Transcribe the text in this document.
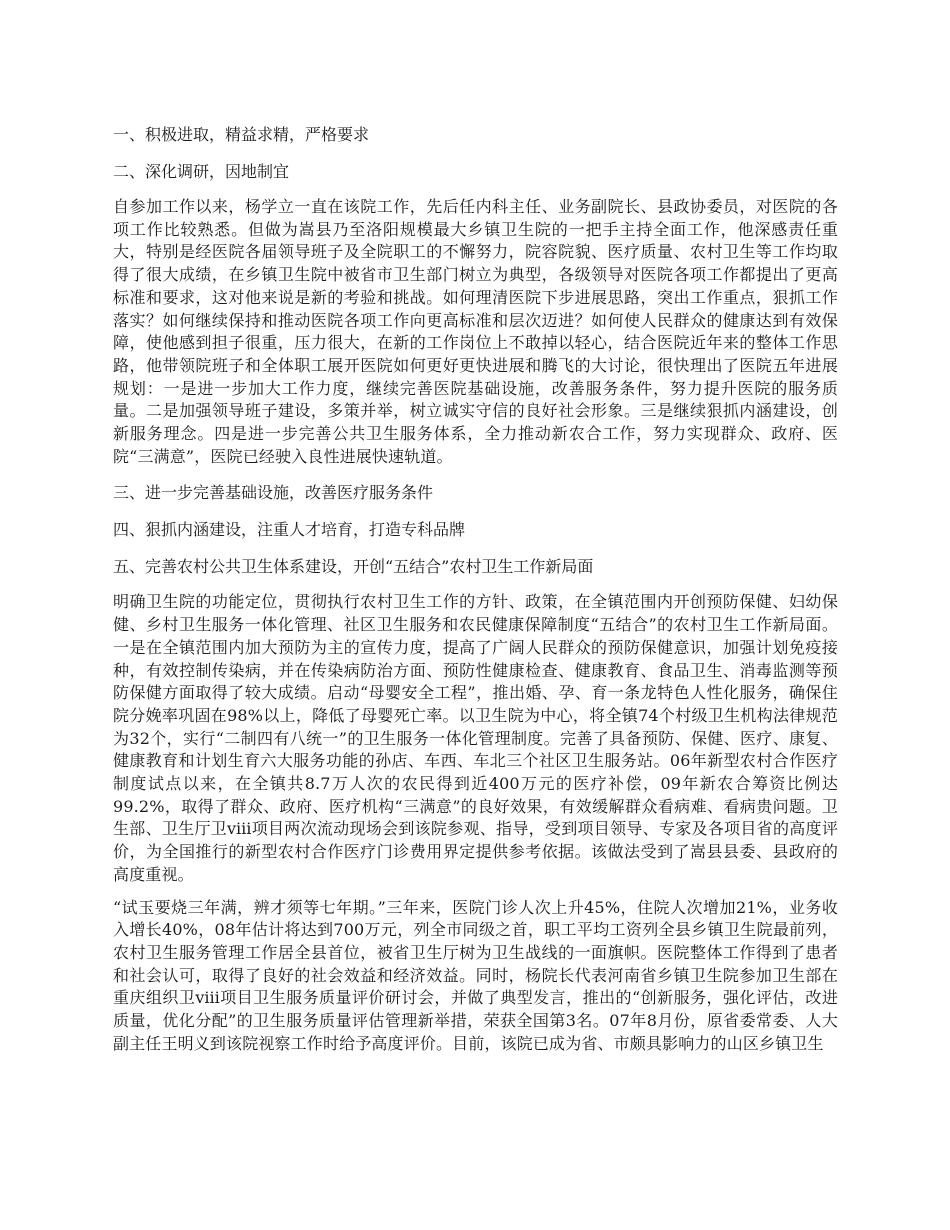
一、积极进取，精益求精，严格要求
二、深化调研，因地制宜

自参加工作以来，杨学立一直在该院工作，先后任内科主任、业务副院长、县政协委员，对医院的各项工作比较熟悉。但做为嵩县乃至洛阳规模最大乡镇卫生院的一把手主持全面工作，他深感责任重大，特别是经医院各届领导班子及全院职工的不懈努力，院容院貌、医疗质量、农村卫生等工作均取得了很大成绩，在乡镇卫生院中被省市卫生部门树立为典型，各级领导对医院各项工作都提出了更高标准和要求，这对他来说是新的考验和挑战。如何理清医院下步进展思路，突出工作重点，狠抓工作落实？如何继续保持和推动医院各项工作向更高标准和层次迈进？如何使人民群众的健康达到有效保障，使他感到担子很重，压力很大，在新的工作岗位上不敢掉以轻心，结合医院近年来的整体工作思路，他带领院班子和全体职工展开医院如何更好更快进展和腾飞的大讨论，很快理出了医院五年进展规划：一是进一步加大工作力度，继续完善医院基础设施，改善服务条件，努力提升医院的服务质量。二是加强领导班子建设，多策并举，树立诚实守信的良好社会形象。三是继续狠抓内涵建设，创新服务理念。四是进一步完善公共卫生服务体系，全力推动新农合工作，努力实现群众、政府、医院“三满意”，医院已经驶入良性进展快速轨道。

三、进一步完善基础设施，改善医疗服务条件
四、狠抓内涵建设，注重人才培育，打造专科品牌
五、完善农村公共卫生体系建设，开创“五结合”农村卫生工作新局面

明确卫生院的功能定位，贯彻执行农村卫生工作的方针、政策，在全镇范围内开创预防保健、妇幼保健、乡村卫生服务一体化管理、社区卫生服务和农民健康保障制度“五结合”的农村卫生工作新局面。一是在全镇范围内加大预防为主的宣传力度，提高了广阔人民群众的预防保健意识，加强计划免疫接种，有效控制传染病，并在传染病防治方面、预防性健康检查、健康教育、食品卫生、消毒监测等预防保健方面取得了较大成绩。启动“母婴安全工程”，推出婚、孕、育一条龙特色人性化服务，确保住院分娩率巩固在98%以上，降低了母婴死亡率。以卫生院为中心，将全镇74个村级卫生机构法律规范为32个，实行“二制四有八统一”的卫生服务一体化管理制度。完善了具备预防、保健、医疗、康复、健康教育和计划生育六大服务功能的孙店、车西、车北三个社区卫生服务站。06年新型农村合作医疗制度试点以来，在全镇共8.7万人次的农民得到近400万元的医疗补偿，09年新农合筹资比例达99.2%，取得了群众、政府、医疗机构“三满意”的良好效果，有效缓解群众看病难、看病贵问题。卫生部、卫生厅卫ⅷ项目两次流动现场会到该院参观、指导，受到项目领导、专家及各项目省的高度评价，为全国推行的新型农村合作医疗门诊费用界定提供参考依据。该做法受到了嵩县县委、县政府的高度重视。

“试玉要烧三年满，辨才须等七年期。”三年来，医院门诊人次上升45%，住院人次增加21%，业务收入增长40%，08年估计将达到700万元，列全市同级之首，职工平均工资列全县乡镇卫生院最前列，农村卫生服务管理工作居全县首位，被省卫生厅树为卫生战线的一面旗帜。医院整体工作得到了患者和社会认可，取得了良好的社会效益和经济效益。同时，杨院长代表河南省乡镇卫生院参加卫生部在重庆组织卫ⅷ项目卫生服务质量评价研讨会，并做了典型发言，推出的“创新服务，强化评估，改进质量，优化分配”的卫生服务质量评估管理新举措，荣获全国第3名。07年8月份，原省委常委、人大副主任王明义到该院视察工作时给予高度评价。目前，该院已成为省、市颇具影响力的山区乡镇卫生
